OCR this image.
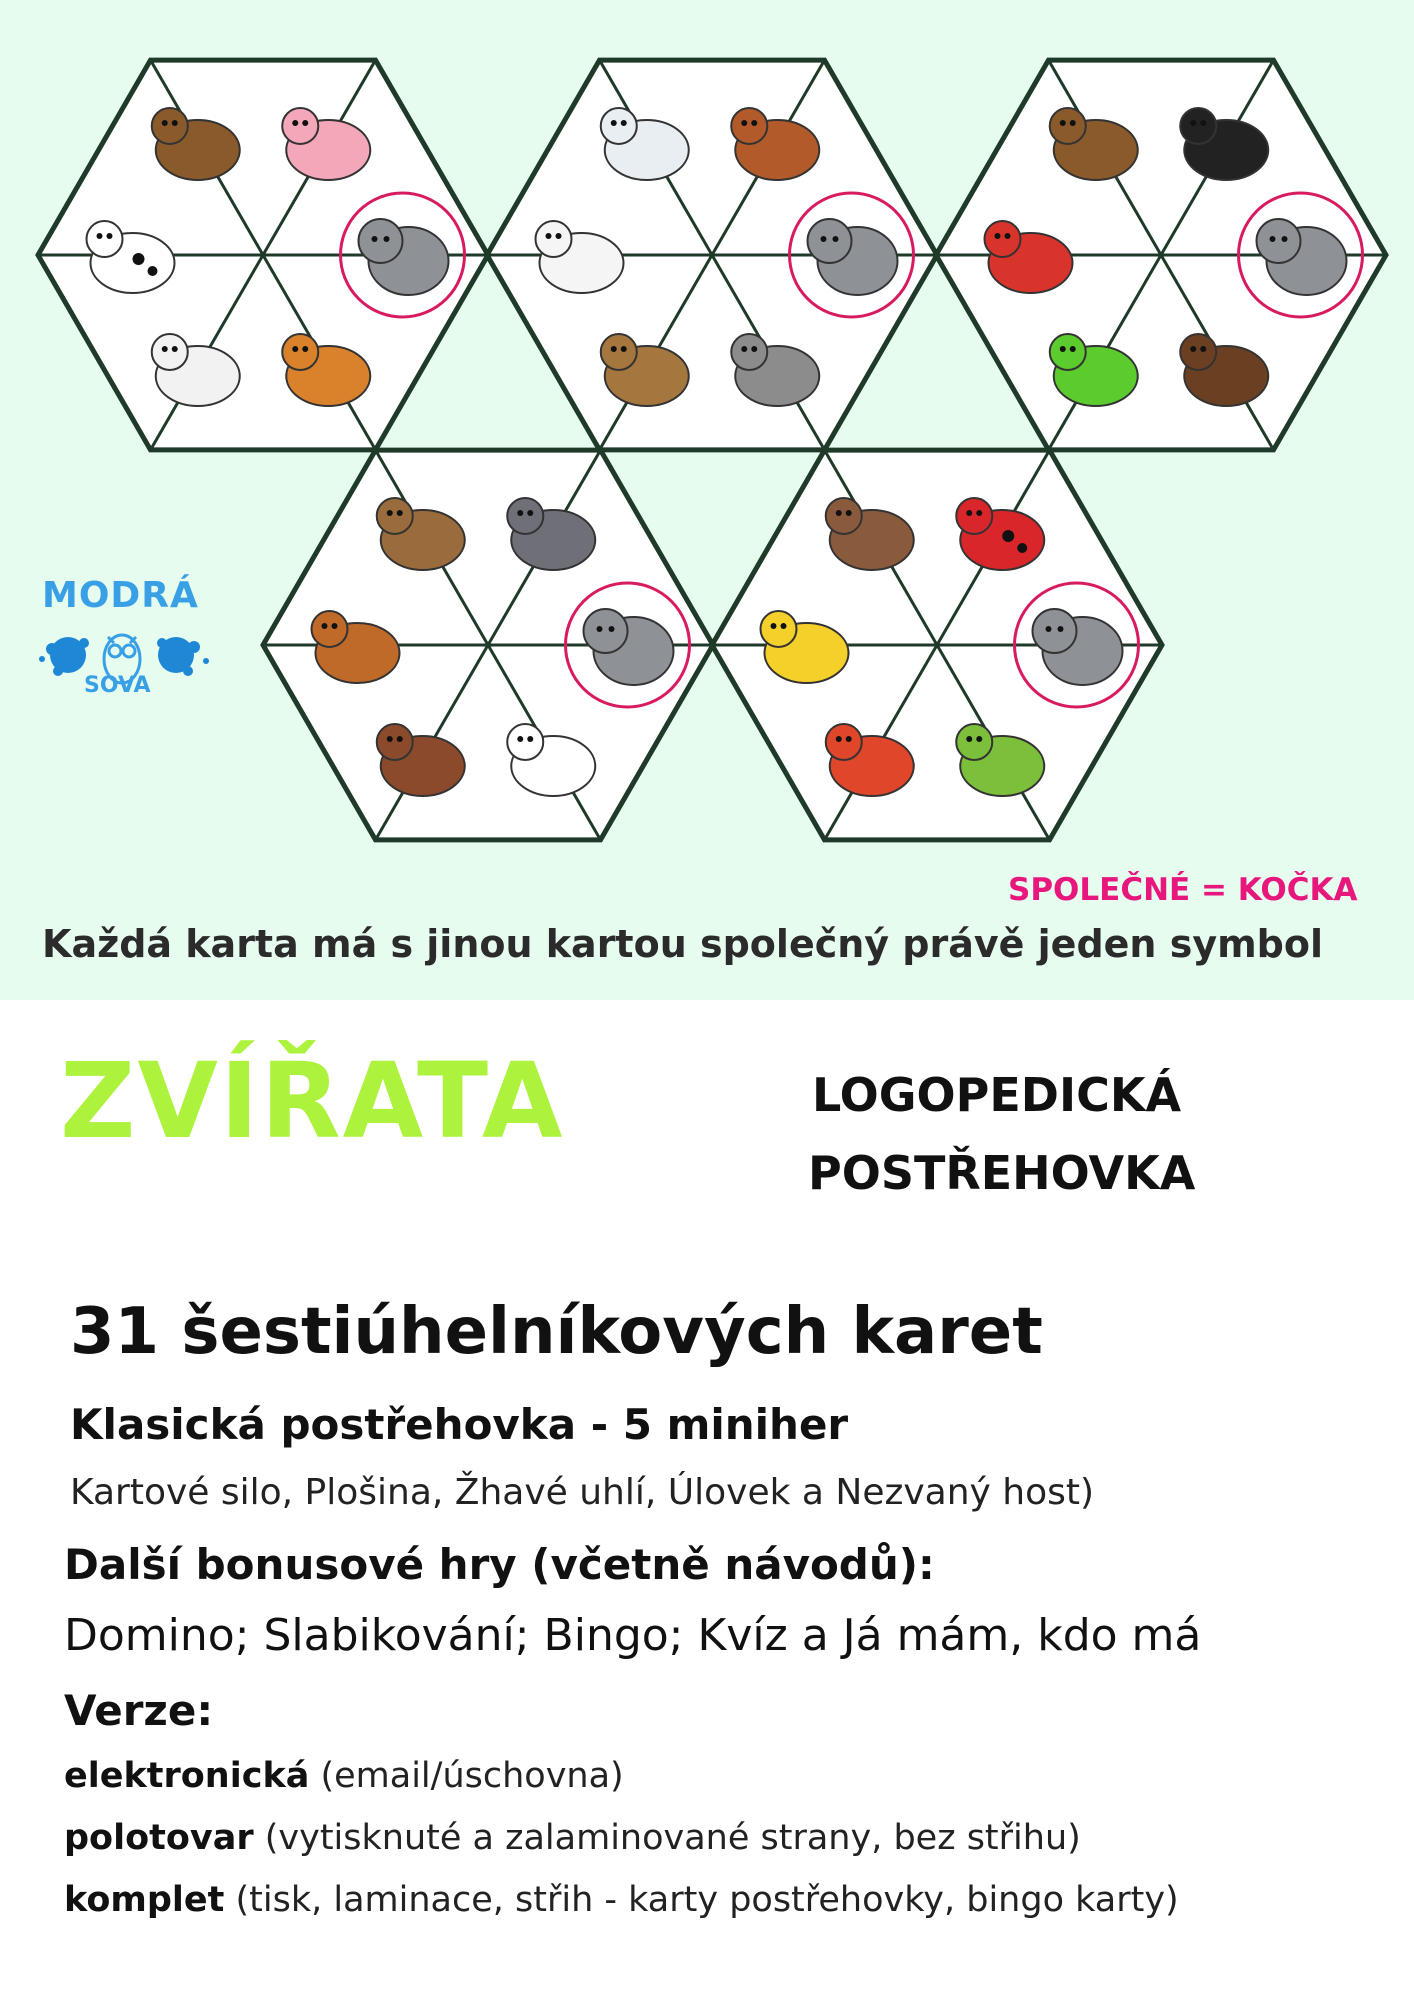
MODRÁ
SOVA
SPOLEČNÉ = KOČKA
Každá karta má s jinou kartou společný právě jeden symbol
ZVÍŘATA	LOGOPEDICKÁ
POSTŘEHOVKA
31 šestiúhelníkových karet
Klasická postřehovka - 5 miniher
Kartové silo, Plošina, Žhavé uhlí, Úlovek a Nezvaný host)
Další bonusové hry (včetně návodů):
Domino; Slabikování; Bingo; Kvíz a Já mám, kdo má
Verze:
elektronická (email/úschovna)
polotovar (vytisknuté a zalaminované strany, bez střihu)
komplet (tisk, laminace, střih - karty postřehovky, bingo karty)
